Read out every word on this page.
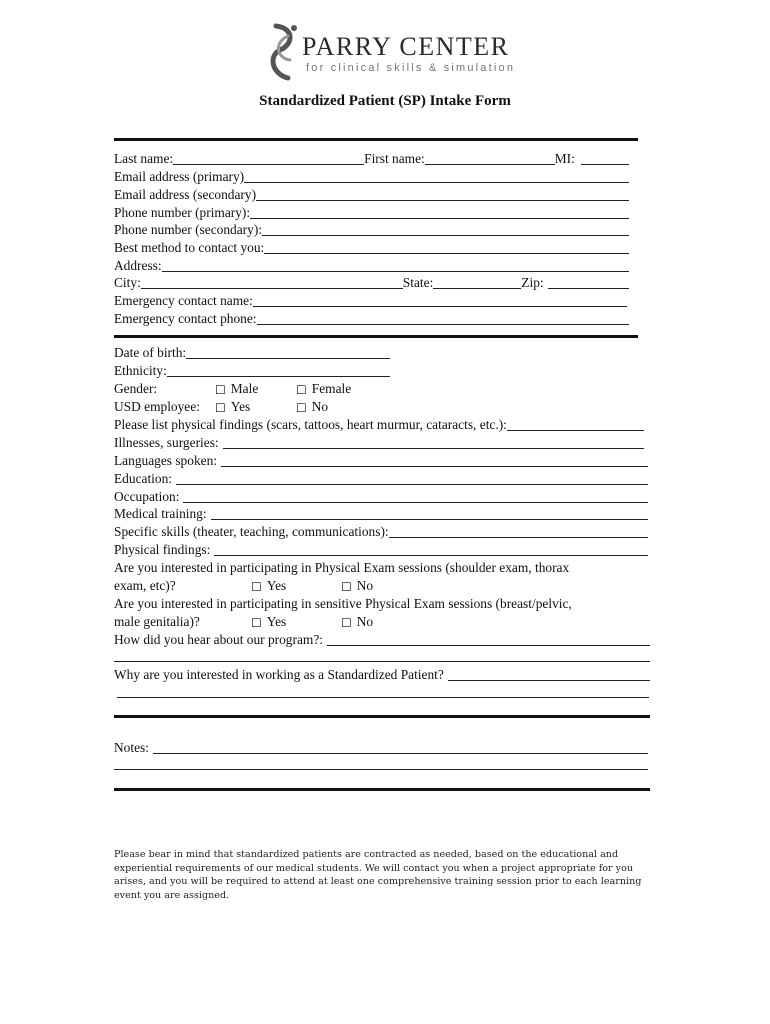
PARRY CENTER
for clinical skills & simulation
Standardized Patient (SP) Intake Form
Last name:	First name:	MI:
Email address (primary)
Email address (secondary)
Phone number (primary):
Phone number (secondary):
Best method to contact you:
Address:
City:	State:	Zip:
Emergency contact name:
Emergency contact phone:
Date of birth:
Ethnicity:
Gender:	☐ Male	☐ Female
USD employee:	☐ Yes	☐ No
Please list physical findings (scars, tattoos, heart murmur, cataracts, etc.):
Illnesses, surgeries:
Languages spoken:
Education:
Occupation:
Medical training:
Specific skills (theater, teaching, communications):
Physical findings:
Are you interested in participating in Physical Exam sessions (shoulder exam, thorax
exam, etc)?	☐ Yes	☐ No
Are you interested in participating in sensitive Physical Exam sessions (breast/pelvic,
male genitalia)?	☐ Yes	☐ No
How did you hear about our program?:
Why are you interested in working as a Standardized Patient?
Notes:
Please bear in mind that standardized patients are contracted as needed, based on the educational and experiential requirements of our medical students. We will contact you when a project appropriate for you arises, and you will be required to attend at least one comprehensive training session prior to each learning event you are assigned.
